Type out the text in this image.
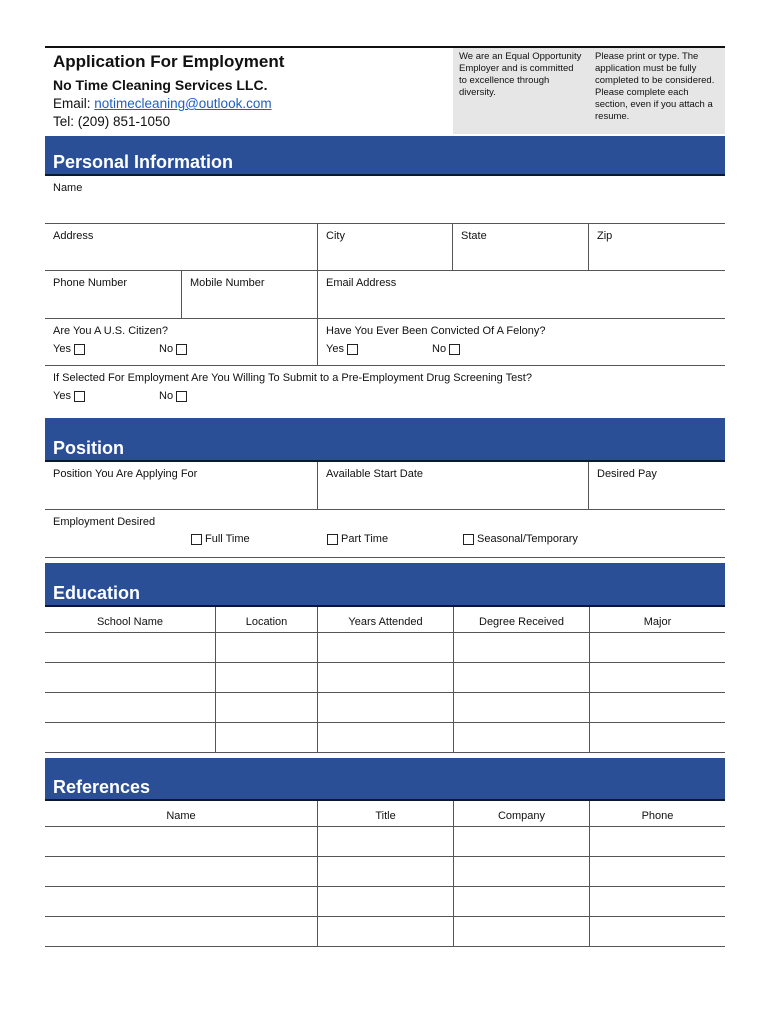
Application For Employment
No Time Cleaning Services LLC.
Email: notimecleaning@outlook.com
Tel: (209) 851-1050
We are an Equal Opportunity Employer and is committed to excellence through diversity.
Please print or type. The application must be fully completed to be considered. Please complete each section, even if you attach a resume.
Personal Information
Name
Address	City	State	Zip
Phone Number	Mobile Number	Email Address
Are You A U.S. Citizen?
Yes	No
Have You Ever Been Convicted Of A Felony?
Yes	No
If Selected For Employment Are You Willing To Submit to a Pre-Employment Drug Screening Test?
Yes	No
Position
Position You Are Applying For	Available Start Date	Desired Pay
Employment Desired
Full Time	Part Time	Seasonal/Temporary
Education
School Name	Location	Years Attended	Degree Received	Major
References
Name	Title	Company	Phone
